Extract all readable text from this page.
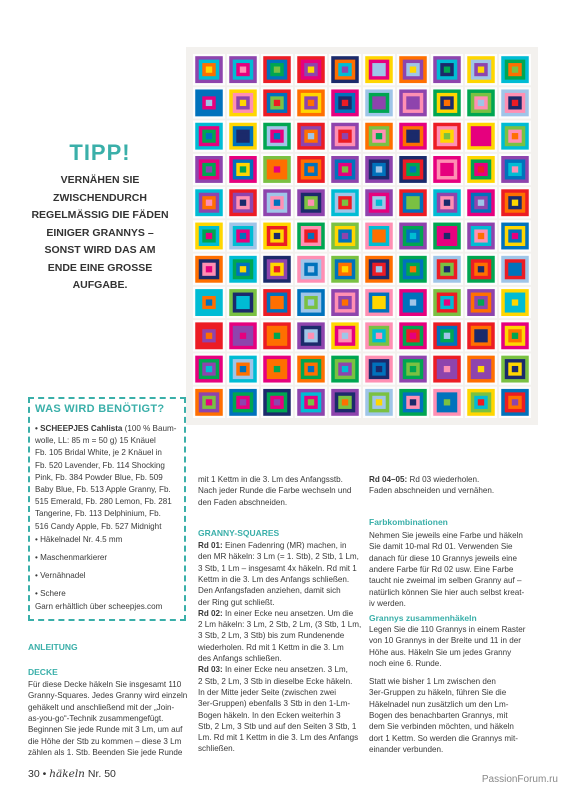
TIPP!
VERNÄHEN SIE
ZWISCHENDURCH
REGELMÄSSIG DIE FÄDEN
EINIGER GRANNYS –
SONST WIRD DAS AM
ENDE EINE GROSSE
AUFGABE.
WAS WIRD BENÖTIGT?
• SCHEEPJES Cahlista (100 % Baum-
wolle, LL: 85 m = 50 g) 15 Knäuel
Fb. 105 Bridal White, je 2 Knäuel in
Fb. 520 Lavender, Fb. 114 Shocking
Pink, Fb. 384 Powder Blue, Fb. 509
Baby Blue, Fb. 513 Apple Granny, Fb.
515 Emerald, Fb. 280 Lemon, Fb. 281
Tangerine, Fb. 113 Delphinium, Fb.
516 Candy Apple, Fb. 527 Midnight
• Häkelnadel Nr. 4.5 mm
• Maschenmarkierer
• Vernähnadel
• Schere
Garn erhältlich über scheepjes.com
ANLEITUNG
DECKE
Für diese Decke häkeln Sie insgesamt 110
Granny-Squares. Jedes Granny wird einzeln
gehäkelt und anschließend mit der „Join-
as-you-go“-Technik zusammengefügt.
Beginnen Sie jede Runde mit 3 Lm, um auf
die Höhe der Stb zu kommen – diese 3 Lm
zählen als 1. Stb. Beenden Sie jede Runde
mit 1 Kettm in die 3. Lm des Anfangsstb.
Nach jeder Runde die Farbe wechseln und
den Faden abschneiden.
Rd 01: Einen Fadenring (MR) machen, in
den MR häkeln: 3 Lm (= 1. Stb), 2 Stb, 1 Lm,
3 Stb, 1 Lm – insgesamt 4x häkeln. Rd mit 1
Kettm in die 3. Lm des Anfangs schließen.
Den Anfangsfaden anziehen, damit sich
der Ring gut schließt.
Rd 02: In einer Ecke neu ansetzen. Um die
2 Lm häkeln: 3 Lm, 2 Stb, 2 Lm, (3 Stb, 1 Lm,
3 Stb, 2 Lm, 3 Stb) bis zum Rundenende
wiederholen. Rd mit 1 Kettm in die 3. Lm
des Anfangs schließen.
Rd 03: In einer Ecke neu ansetzen. 3 Lm,
2 Stb, 2 Lm, 3 Stb in dieselbe Ecke häkeln.
In der Mitte jeder Seite (zwischen zwei
3er-Gruppen) ebenfalls 3 Stb in den 1-Lm-
Bogen häkeln. In den Ecken weiterhin 3
Stb, 2 Lm, 3 Stb und auf den Seiten 3 Stb, 1
Lm. Rd mit 1 Kettm in die 3. Lm des Anfangs
schließen.
GRANNY-SQUARES
Rd 04–05: Rd 03 wiederholen.
Faden abschneiden und vernähen.
Farbkombinationen
Nehmen Sie jeweils eine Farbe und häkeln
Sie damit 10-mal Rd 01. Verwenden Sie
danach für diese 10 Grannys jeweils eine
andere Farbe für Rd 02 usw. Eine Farbe
taucht nie zweimal im selben Granny auf –
natürlich können Sie hier auch selbst kreat-
iv werden.
Grannys zusammenhäkeln
Legen Sie die 110 Grannys in einem Raster
von 10 Grannys in der Breite und 11 in der
Höhe aus. Häkeln Sie um jedes Granny
noch eine 6. Runde.
Statt wie bisher 1 Lm zwischen den
3er-Gruppen zu häkeln, führen Sie die
Häkelnadel nun zusätzlich um den Lm-
Bogen des benachbarten Grannys, mit
dem Sie verbinden möchten, und häkeln
dort 1 Kettm. So werden die Grannys mit-
einander verbunden.
30 • häkeln Nr. 50	PassionForum.ru
